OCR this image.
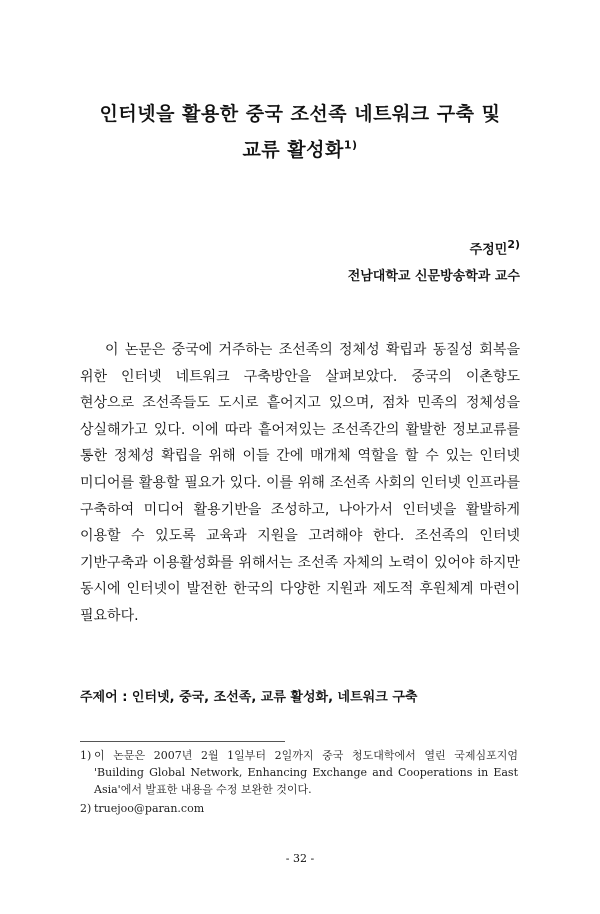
인터넷을 활용한 중국 조선족 네트워크 구축 및
교류 활성화$^{1)}$
주정민$^{2)}$
전남대학교 신문방송학과 교수

이 논문은 중국에 거주하는 조선족의 정체성 확립과 동질성 회복을 위한 인터넷 네트워크 구축방안을 살펴보았다. 중국의 이촌향도 현상으로 조선족들도 도시로 흩어지고 있으며, 점차 민족의 정체성을 상실해가고 있다. 이에 따라 흩어져있는 조선족간의 활발한 정보교류를 통한 정체성 확립을 위해 이들 간에 매개체 역할을 할 수 있는 인터넷 미디어를 활용할 필요가 있다. 이를 위해 조선족 사회의 인터넷 인프라를 구축하여 미디어 활용기반을 조성하고, 나아가서 인터넷을 활발하게 이용할 수 있도록 교육과 지원을 고려해야 한다. 조선족의 인터넷 기반구축과 이용활성화를 위해서는 조선족 자체의 노력이 있어야 하지만 동시에 인터넷이 발전한 한국의 다양한 지원과 제도적 후원체계 마련이 필요하다.

주제어 : 인터넷, 중국, 조선족, 교류 활성화, 네트워크 구축

1) 이 논문은 2007년 2월 1일부터 2일까지 중국 청도대학에서 열린 국제심포지엄 'Building Global Network, Enhancing Exchange and Cooperations in East Asia'에서 발표한 내용을 수정 보완한 것이다.

2) truejoo@paran.com

- 32 -
